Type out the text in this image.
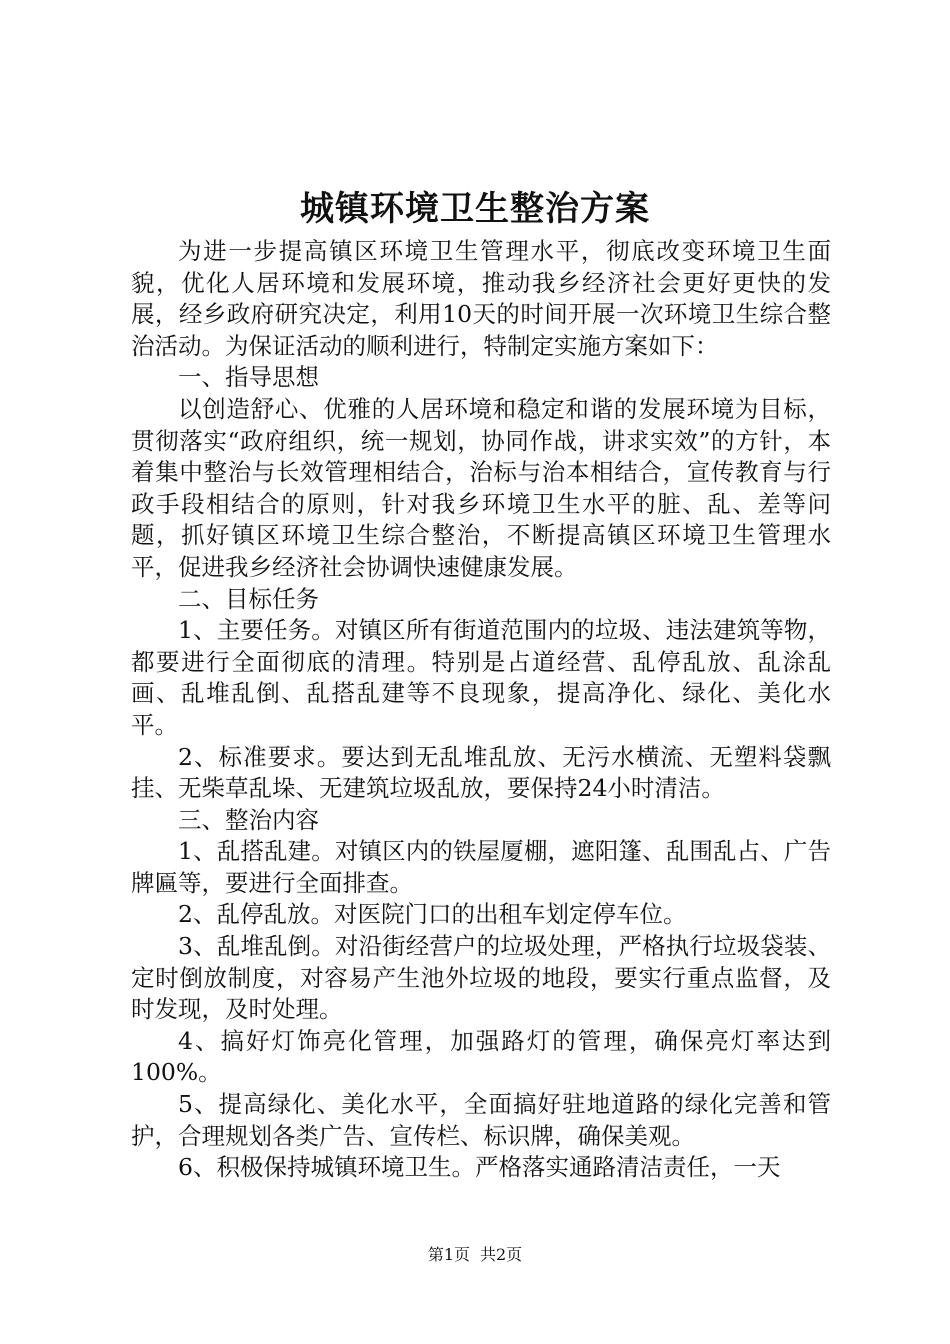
城镇环境卫生整治方案

为进一步提高镇区环境卫生管理水平，彻底改变环境卫生面貌，优化人居环境和发展环境，推动我乡经济社会更好更快的发展，经乡政府研究决定，利用10天的时间开展一次环境卫生综合整治活动。为保证活动的顺利进行，特制定实施方案如下：

一、指导思想

以创造舒心、优雅的人居环境和稳定和谐的发展环境为目标，贯彻落实“政府组织，统一规划，协同作战，讲求实效”的方针，本着集中整治与长效管理相结合，治标与治本相结合，宣传教育与行政手段相结合的原则，针对我乡环境卫生水平的脏、乱、差等问题，抓好镇区环境卫生综合整治，不断提高镇区环境卫生管理水平，促进我乡经济社会协调快速健康发展。

二、目标任务

1、主要任务。对镇区所有街道范围内的垃圾、违法建筑等物，都要进行全面彻底的清理。特别是占道经营、乱停乱放、乱涂乱画、乱堆乱倒、乱搭乱建等不良现象，提高净化、绿化、美化水平。

2、标准要求。要达到无乱堆乱放、无污水横流、无塑料袋飘挂、无柴草乱垛、无建筑垃圾乱放，要保持24小时清洁。

三、整治内容

1、乱搭乱建。对镇区内的铁屋厦棚，遮阳篷、乱围乱占、广告牌匾等，要进行全面排查。

2、乱停乱放。对医院门口的出租车划定停车位。

3、乱堆乱倒。对沿街经营户的垃圾处理，严格执行垃圾袋装、定时倒放制度，对容易产生池外垃圾的地段，要实行重点监督，及时发现，及时处理。

4、搞好灯饰亮化管理，加强路灯的管理，确保亮灯率达到100%。

5、提高绿化、美化水平，全面搞好驻地道路的绿化完善和管护，合理规划各类广告、宣传栏、标识牌，确保美观。

6、积极保持城镇环境卫生。严格落实通路清洁责任，一天

第1页 共2页
